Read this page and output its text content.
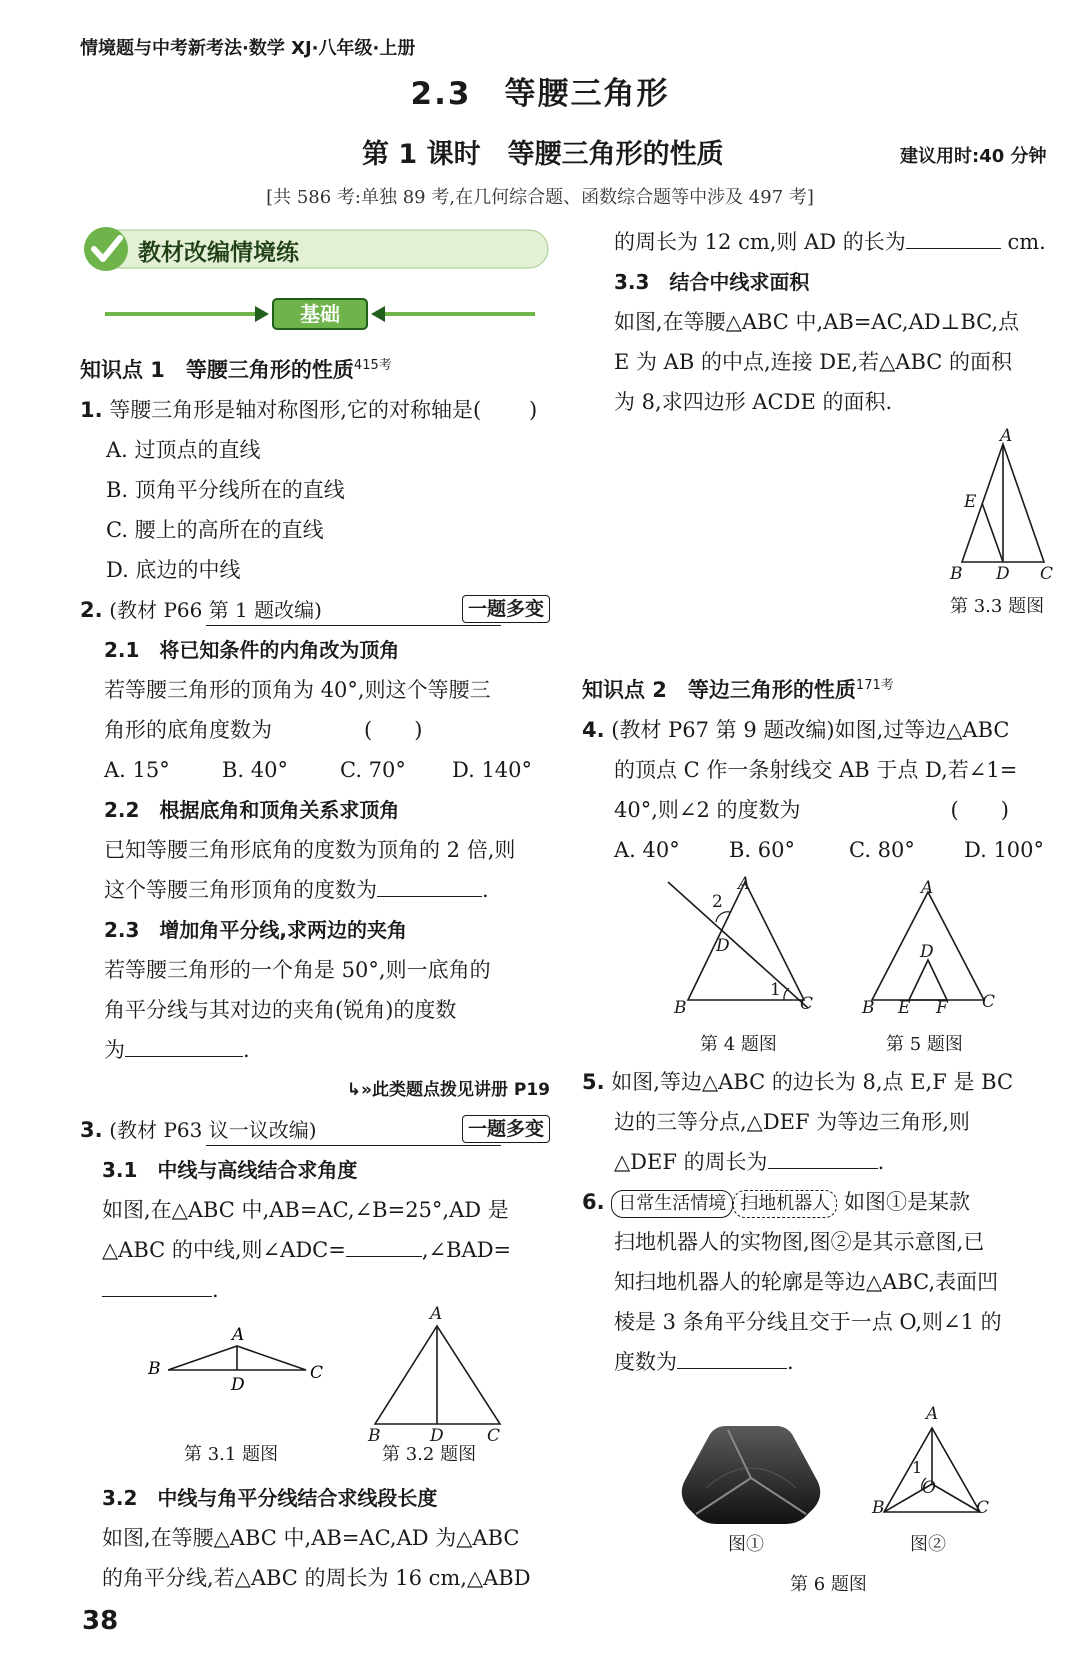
情境题与中考新考法·数学 XJ·八年级·上册
2.3　等腰三角形
第 1 课时　等腰三角形的性质	建议用时:40 分钟
[共 586 考:单独 89 考,在几何综合题、函数综合题等中涉及 497 考]
教材改编情境练
基础

知识点 1　等腰三角形的性质$^{415考}$

1. 等腰三角形是轴对称图形,它的对称轴是( )

A. 过顶点的直线

B. 顶角平分线所在的直线

C. 腰上的高所在的直线

D. 底边的中线

2. (教材 P66 第 1 题改编)	一题多变

2.1　将已知条件的内角改为顶角

若等腰三角形的顶角为 40°,则这个等腰三

角形的底角度数为	(　　)

A. 15° B. 40° C. 70° D. 140°

2.2　根据底角和顶角关系求顶角

已知等腰三角形底角的度数为顶角的 2 倍,则

这个等腰三角形顶角的度数为	.

2.3　增加角平分线,求两边的夹角

若等腰三角形的一个角是 50°,则一底角的

角平分线与其对边的夹角(锐角)的度数

为	.

↳»此类题点拨见讲册 P19

3. (教材 P63 议一议改编)	一题多变

3.1　中线与高线结合求角度

如图,在△ABC 中,AB=AC,∠B=25°,AD 是

△ABC 的中线,则∠ADC=	,∠BAD=

.

A
B	C
D
第 3.1 题图
A
B	D	C
第 3.2 题图

3.2　中线与角平分线结合求线段长度

如图,在等腰△ABC 中,AB=AC,AD 为△ABC

的角平分线,若△ABC 的周长为 16 cm,△ABD

38

的周长为 12 cm,则 AD 的长为	cm.

3.3　结合中线求面积

如图,在等腰△ABC 中,AB=AC,AD⊥BC,点

E 为 AB 的中点,连接 DE,若△ABC 的面积

为 8,求四边形 ACDE 的面积.

A
E
B D C
第 3.3 题图

知识点 2　等边三角形的性质$^{171考}$

4. (教材 P67 第 9 题改编)如图,过等边△ABC

的顶点 C 作一条射线交 AB 于点 D,若∠1=

40°,则∠2 的度数为	(　　)

A. 40° B. 60°	C. 80° D. 100°

A
2
D
1
B	C
第 4 题图
A
D
B E F C
第 5 题图

5. 如图,等边△ABC 的边长为 8,点 E,F 是 BC

边的三等分点,△DEF 为等边三角形,则

△DEF 的周长为	.

6. 日常生活情境 扫地机器人 如图①是某款

扫地机器人的实物图,图②是其示意图,已

知扫地机器人的轮廓是等边△ABC,表面凹

棱是 3 条角平分线且交于一点 O,则∠1 的

度数为	.

图①
A
1
O
B	C
图②
第 6 题图
